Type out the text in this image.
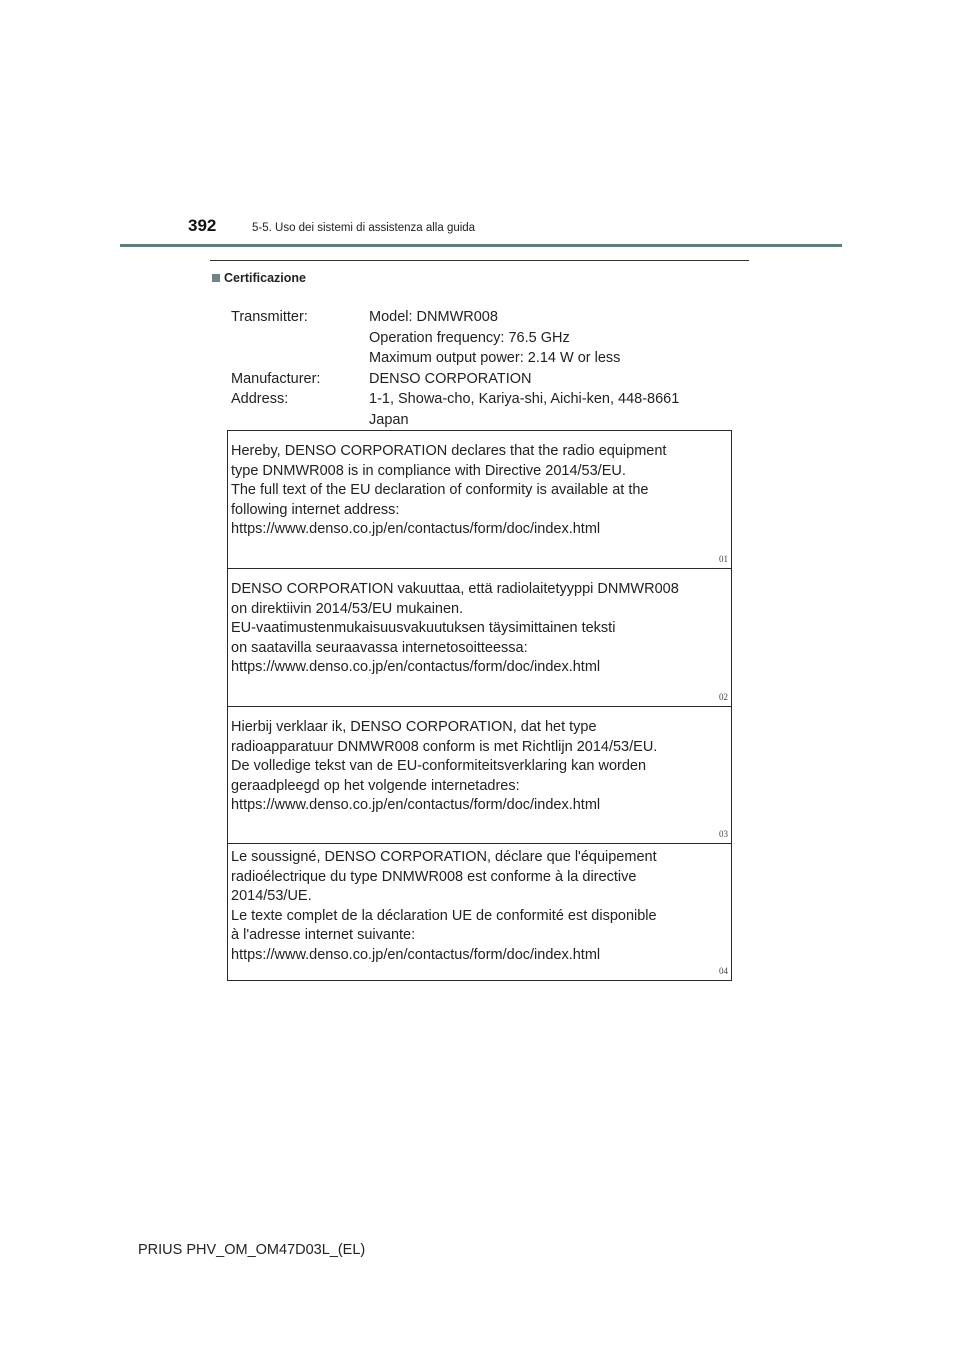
392	5-5. Uso dei sistemi di assistenza alla guida
Certificazione
Transmitter:	Model: DNMWR008
Operation frequency: 76.5 GHz
Maximum output power: 2.14 W or less
Manufacturer:	DENSO CORPORATION
Address:	1-1, Showa-cho, Kariya-shi, Aichi-ken, 448-8661
Japan
Hereby, DENSO CORPORATION declares that the radio equipment
type DNMWR008 is in compliance with Directive 2014/53/EU.
The full text of the EU declaration of conformity is available at the
following internet address:
https://www.denso.co.jp/en/contactus/form/doc/index.html
01
DENSO CORPORATION vakuuttaa, että radiolaitetyyppi DNMWR008
on direktiivin 2014/53/EU mukainen.
EU-vaatimustenmukaisuusvakuutuksen täysimittainen teksti
on saatavilla seuraavassa internetosoitteessa:
https://www.denso.co.jp/en/contactus/form/doc/index.html
02
Hierbij verklaar ik, DENSO CORPORATION, dat het type
radioapparatuur DNMWR008 conform is met Richtlijn 2014/53/EU.
De volledige tekst van de EU-conformiteitsverklaring kan worden
geraadpleegd op het volgende internetadres:
https://www.denso.co.jp/en/contactus/form/doc/index.html
03
Le soussigné, DENSO CORPORATION, déclare que l'équipement
radioélectrique du type DNMWR008 est conforme à la directive
2014/53/UE.
Le texte complet de la déclaration UE de conformité est disponible
à l'adresse internet suivante:
https://www.denso.co.jp/en/contactus/form/doc/index.html
04
PRIUS PHV_OM_OM47D03L_(EL)
